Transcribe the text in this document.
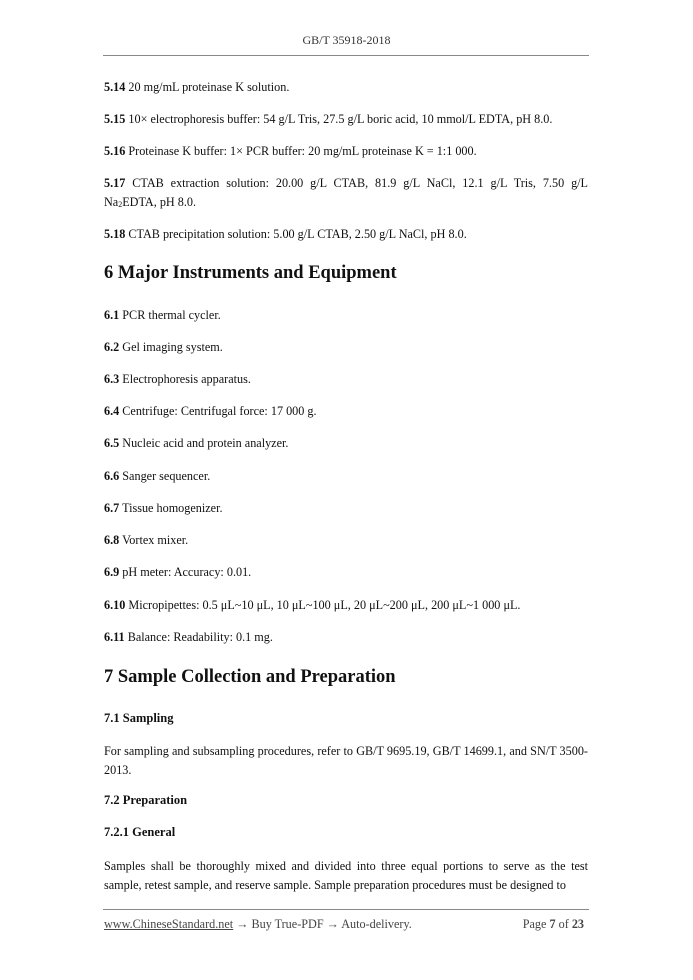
GB/T 35918-2018
5.14 20 mg/mL proteinase K solution.
5.15 10× electrophoresis buffer: 54 g/L Tris, 27.5 g/L boric acid, 10 mmol/L EDTA, pH 8.0.
5.16 Proteinase K buffer: 1× PCR buffer: 20 mg/mL proteinase K = 1:1 000.
5.17 CTAB extraction solution: 20.00 g/L CTAB, 81.9 g/L NaCl, 12.1 g/L Tris, 7.50 g/L $Na_2EDTA$, pH 8.0.
5.18 CTAB precipitation solution: 5.00 g/L CTAB, 2.50 g/L NaCl, pH 8.0.
6 Major Instruments and Equipment
6.1 PCR thermal cycler.
6.2 Gel imaging system.
6.3 Electrophoresis apparatus.
6.4 Centrifuge: Centrifugal force: 17 000 g.
6.5 Nucleic acid and protein analyzer.
6.6 Sanger sequencer.
6.7 Tissue homogenizer.
6.8 Vortex mixer.
6.9 pH meter: Accuracy: 0.01.
6.10 Micropipettes: 0.5 μL~10 μL, 10 μL~100 μL, 20 μL~200 μL, 200 μL~1 000 μL.
6.11 Balance: Readability: 0.1 mg.
7 Sample Collection and Preparation
7.1 Sampling
For sampling and subsampling procedures, refer to GB/T 9695.19, GB/T 14699.1, and SN/T 3500-2013.
7.2 Preparation
7.2.1 General
Samples shall be thoroughly mixed and divided into three equal portions to serve as the test sample, retest sample, and reserve sample. Sample preparation procedures must be designed to
www.ChineseStandard.net → Buy True-PDF → Auto-delivery.	Page 7 of 23
